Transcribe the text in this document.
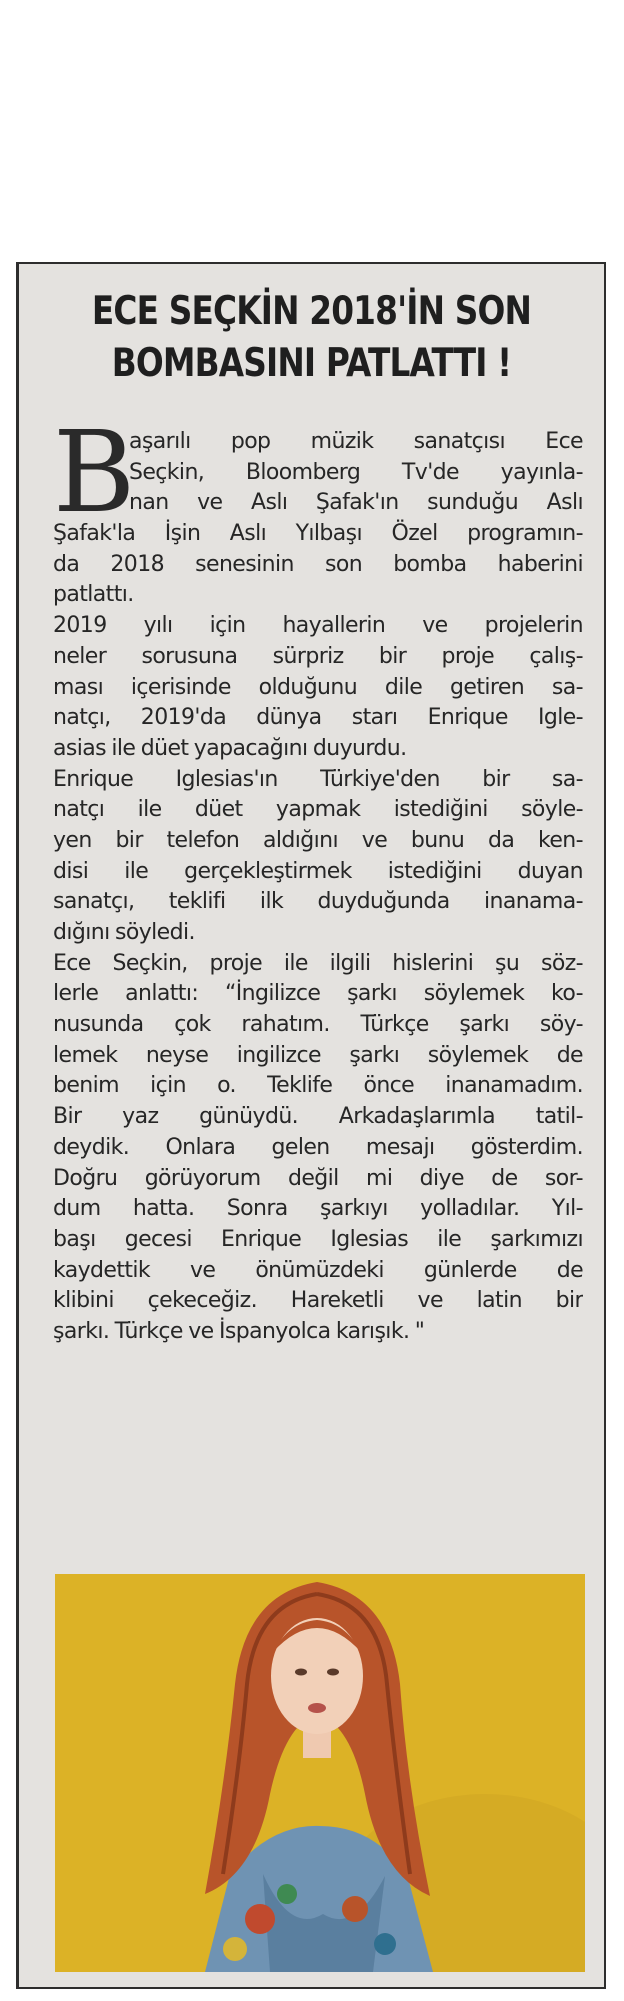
ECE SEÇKİN 2018'İN SON
BOMBASINI PATLATTI !
B
aşarılı pop müzik sanatçısı Ece
Seçkin, Bloomberg Tv'de yayınla-
nan ve Aslı Şafak'ın sunduğu Aslı
Şafak'la İşin Aslı Yılbaşı Özel programın-
da 2018 senesinin son bomba haberini
patlattı.
2019 yılı için hayallerin ve projelerin
neler sorusuna sürpriz bir proje çalış-
ması içerisinde olduğunu dile getiren sa-
natçı, 2019'da dünya starı Enrique Igle-
asias ile düet yapacağını duyurdu.
Enrique Iglesias'ın Türkiye'den bir sa-
natçı ile düet yapmak istediğini söyle-
yen bir telefon aldığını ve bunu da ken-
disi ile gerçekleştirmek istediğini duyan
sanatçı, teklifi ilk duyduğunda inanama-
dığını söyledi.
Ece Seçkin, proje ile ilgili hislerini şu söz-
lerle anlattı: “İngilizce şarkı söylemek ko-
nusunda çok rahatım. Türkçe şarkı söy-
lemek neyse ingilizce şarkı söylemek de
benim için o. Teklife önce inanamadım.
Bir yaz günüydü. Arkadaşlarımla tatil-
deydik. Onlara gelen mesajı gösterdim.
Doğru görüyorum değil mi diye de sor-
dum hatta. Sonra şarkıyı yolladılar. Yıl-
başı gecesi Enrique Iglesias ile şarkımızı
kaydettik ve önümüzdeki günlerde de
klibini çekeceğiz. Hareketli ve latin bir
şarkı. Türkçe ve İspanyolca karışık. "
